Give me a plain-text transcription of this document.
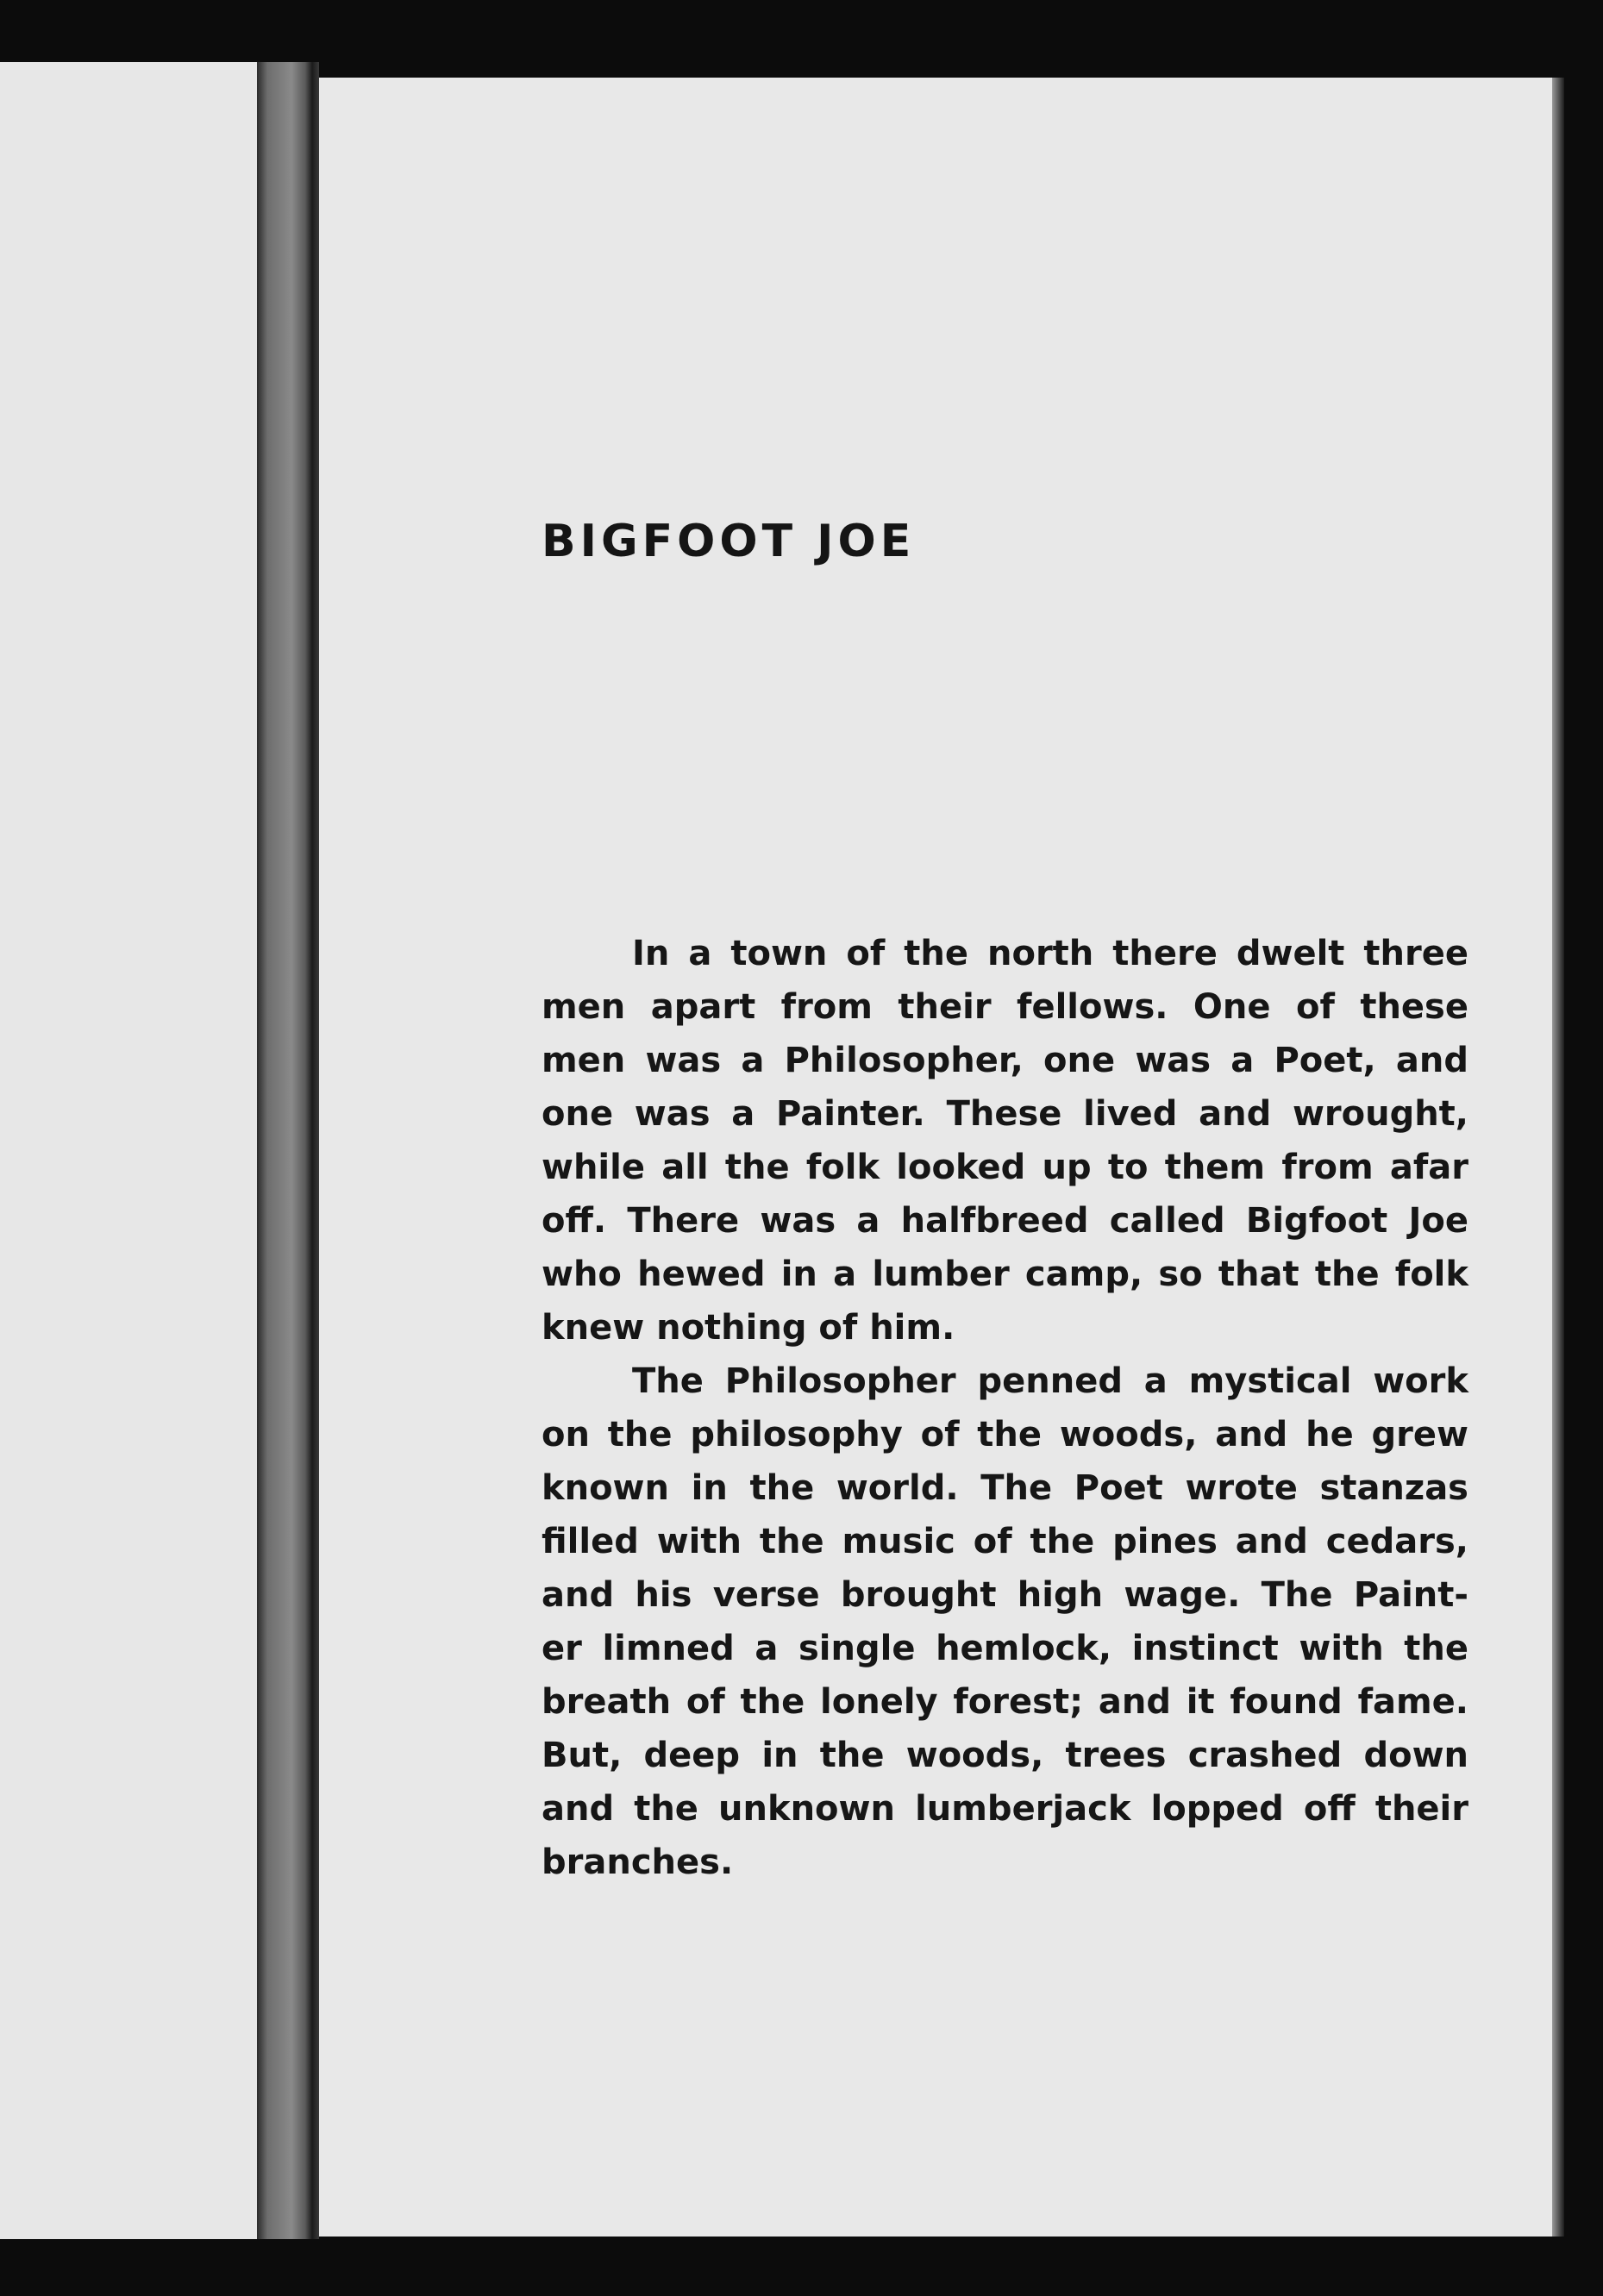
BIGFOOT JOE
In a town of the north there dwelt three
men apart from their fellows. One of these
men was a Philosopher, one was a Poet, and
one was a Painter. These lived and wrought,
while all the folk looked up to them from afar
off. There was a halfbreed called Bigfoot Joe
who hewed in a lumber camp, so that the folk
knew nothing of him.
The Philosopher penned a mystical work
on the philosophy of the woods, and he grew
known in the world. The Poet wrote stanzas
filled with the music of the pines and cedars,
and his verse brought high wage. The Paint-
er limned a single hemlock, instinct with the
breath of the lonely forest; and it found fame.
But, deep in the woods, trees crashed down
and the unknown lumberjack lopped off their
branches.
